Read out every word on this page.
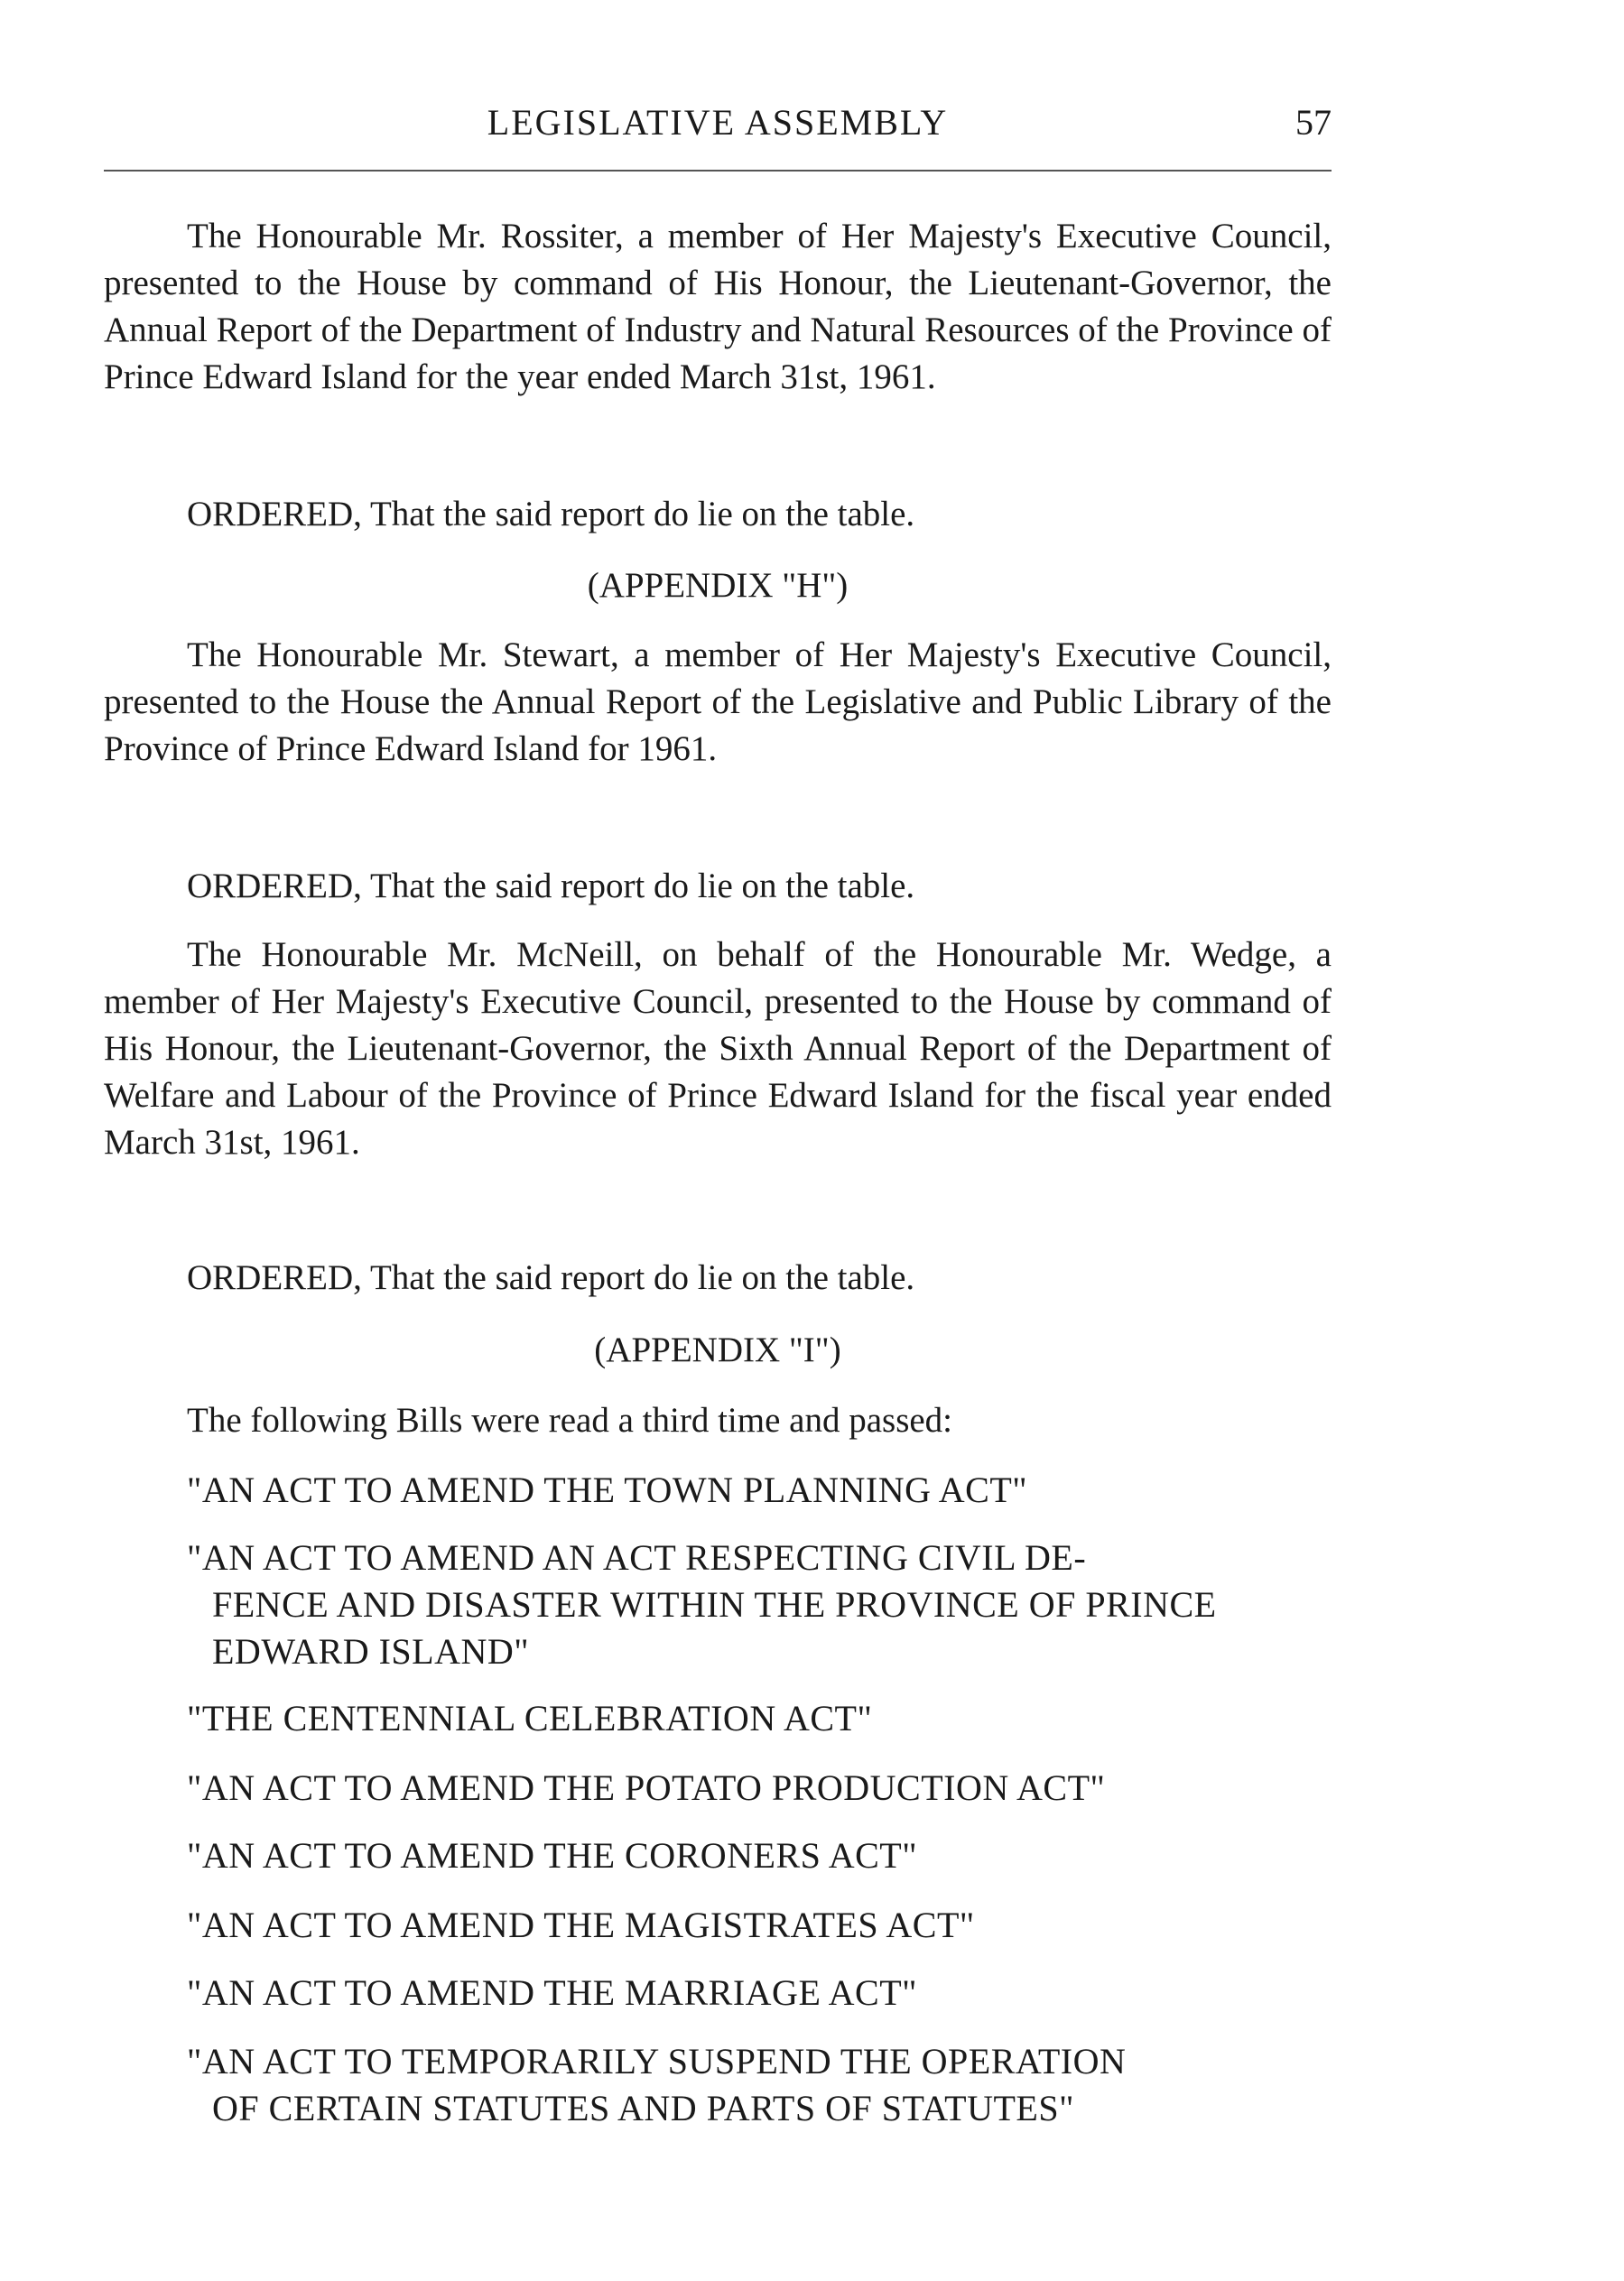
LEGISLATIVE ASSEMBLY	57

The Honourable Mr. Rossiter, a member of Her Majesty's Executive Council, presented to the House by command of His Honour, the Lieutenant-Governor, the Annual Report of the Department of Industry and Natural Resources of the Province of Prince Edward Island for the year ended March 31st, 1961.

ORDERED, That the said report do lie on the table.

(APPENDIX "H")

The Honourable Mr. Stewart, a member of Her Majesty's Executive Council, presented to the House the Annual Report of the Legislative and Public Library of the Province of Prince Edward Island for 1961.

ORDERED, That the said report do lie on the table.

The Honourable Mr. McNeill, on behalf of the Honourable Mr. Wedge, a member of Her Majesty's Executive Council, presented to the House by command of His Honour, the Lieutenant-Governor, the Sixth Annual Report of the Department of Welfare and Labour of the Province of Prince Edward Island for the fiscal year ended March 31st, 1961.

ORDERED, That the said report do lie on the table.

(APPENDIX "I")

The following Bills were read a third time and passed:

"AN ACT TO AMEND THE TOWN PLANNING ACT"
"AN ACT TO AMEND AN ACT RESPECTING CIVIL DE-
FENCE AND DISASTER WITHIN THE PROVINCE OF PRINCE EDWARD ISLAND"
"THE CENTENNIAL CELEBRATION ACT"
"AN ACT TO AMEND THE POTATO PRODUCTION ACT"
"AN ACT TO AMEND THE CORONERS ACT"
"AN ACT TO AMEND THE MAGISTRATES ACT"
"AN ACT TO AMEND THE MARRIAGE ACT"
"AN ACT TO TEMPORARILY SUSPEND THE OPERATION
OF CERTAIN STATUTES AND PARTS OF STATUTES"
